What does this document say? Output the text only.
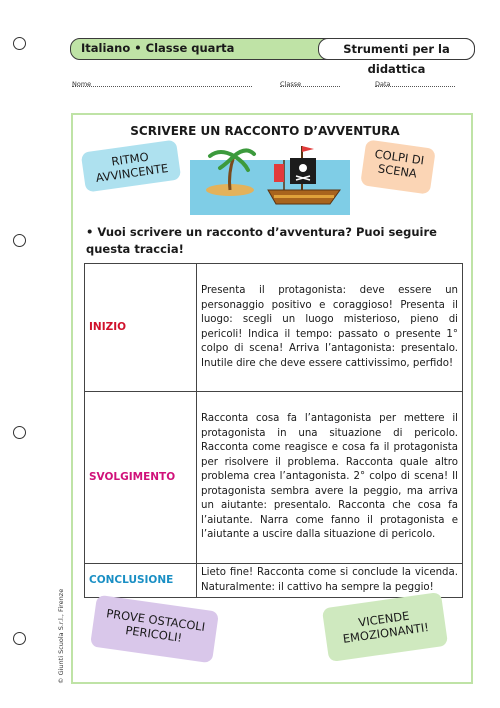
Italiano • Classe quarta	Strumenti per la didattica
Nome	Classe	Data
SCRIVERE UN RACCONTO D’AVVENTURA
RITMO AVVINCENTE
COLPI DI SCENA
• Vuoi scrivere un racconto d’avventura? Puoi seguire questa traccia!
INIZIO	Presenta il protagonista: deve essere un personaggio positivo e coraggioso! Presenta il luogo: scegli un luogo misterioso, pieno di pericoli! Indica il tempo: passato o presente 1° colpo di scena! Arriva l’antagonista: presentalo. Inutile dire che deve essere cattivissimo, perfido!
SVOLGIMENTO	Racconta cosa fa l’antagonista per mettere il protagonista in una situazione di pericolo. Racconta come reagisce e cosa fa il protagonista per risolvere il problema. Racconta quale altro problema crea l’antagonista. 2° colpo di scena! Il protagonista sembra avere la peggio, ma arriva un aiutante: presentalo. Racconta che cosa fa l’aiutante. Narra come fanno il protagonista e l’aiutante a uscire dalla situazione di pericolo.
CONCLUSIONE	Lieto fine! Racconta come si conclude la vicenda. Naturalmente: il cattivo ha sempre la peggio!
PROVE OSTACOLI PERICOLI!
VICENDE EMOZIONANTI!
© Giunti Scuola S.r.l., Firenze
